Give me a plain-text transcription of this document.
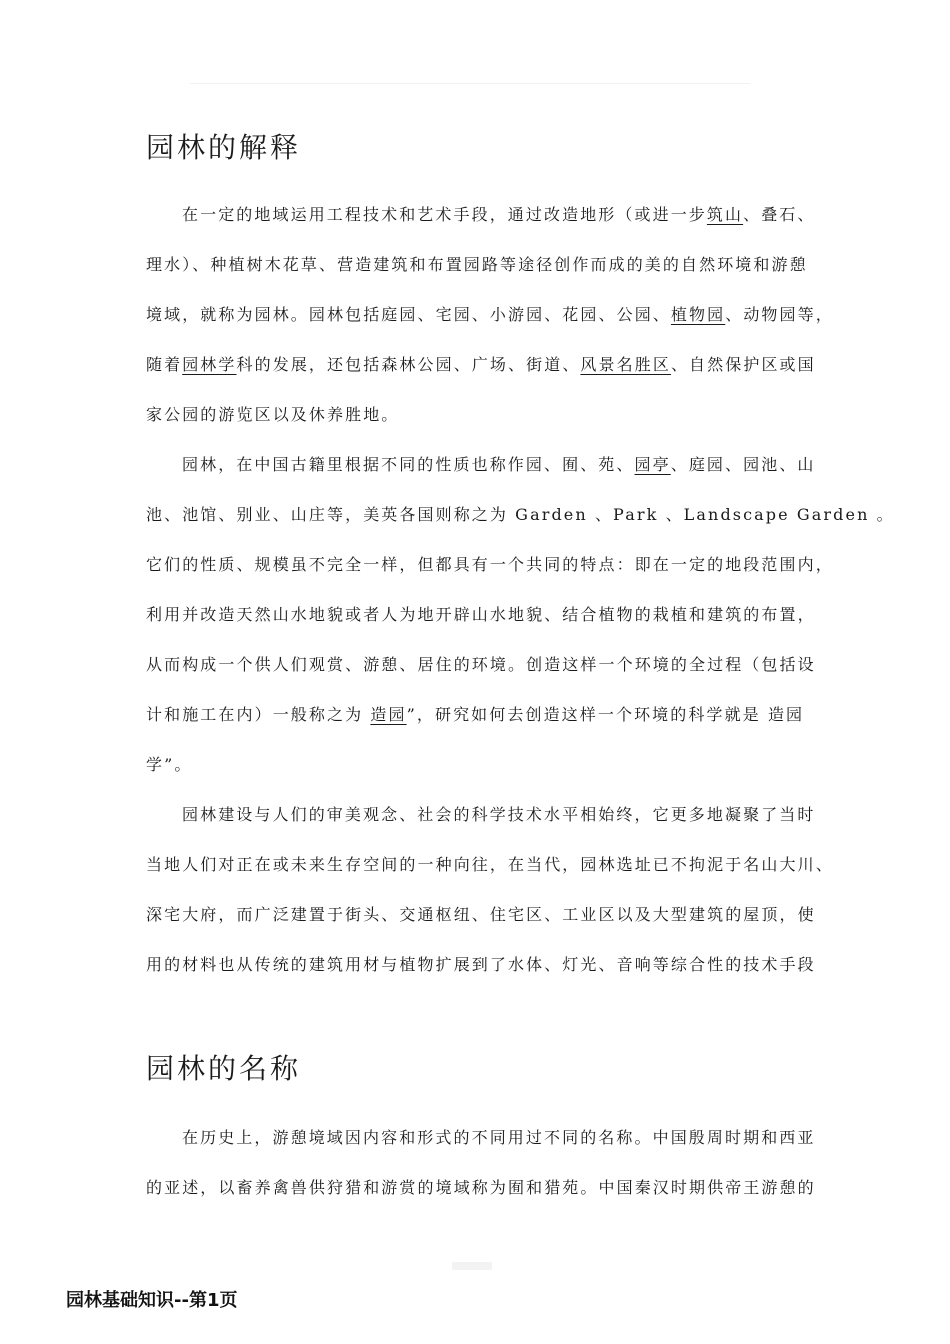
园林的解释
在一定的地域运用工程技术和艺术手段，通过改造地形（或进一步筑山、叠石、
理水）、种植树木花草、营造建筑和布置园路等途径创作而成的美的自然环境和游憩
境域，就称为园林。园林包括庭园、宅园、小游园、花园、公园、植物园、动物园等，
随着园林学科的发展，还包括森林公园、广场、街道、风景名胜区、自然保护区或国
家公园的游览区以及休养胜地。
园林，在中国古籍里根据不同的性质也称作园、囿、苑、园亭、庭园、园池、山
池、池馆、别业、山庄等，美英各国则称之为 Garden 、Park 、Landscape Garden 。
它们的性质、规模虽不完全一样，但都具有一个共同的特点：即在一定的地段范围内，
利用并改造天然山水地貌或者人为地开辟山水地貌、结合植物的栽植和建筑的布置，
从而构成一个供人们观赏、游憩、居住的环境。创造这样一个环境的全过程（包括设
计和施工在内）一般称之为 造园”，研究如何去创造这样一个环境的科学就是 造园
学”。
园林建设与人们的审美观念、社会的科学技术水平相始终，它更多地凝聚了当时
当地人们对正在或未来生存空间的一种向往，在当代，园林选址已不拘泥于名山大川、
深宅大府，而广泛建置于街头、交通枢纽、住宅区、工业区以及大型建筑的屋顶，使
用的材料也从传统的建筑用材与植物扩展到了水体、灯光、音响等综合性的技术手段
园林的名称
在历史上，游憩境域因内容和形式的不同用过不同的名称。中国殷周时期和西亚
的亚述，以畜养禽兽供狩猎和游赏的境域称为囿和猎苑。中国秦汉时期供帝王游憩的
园林基础知识--第1页
